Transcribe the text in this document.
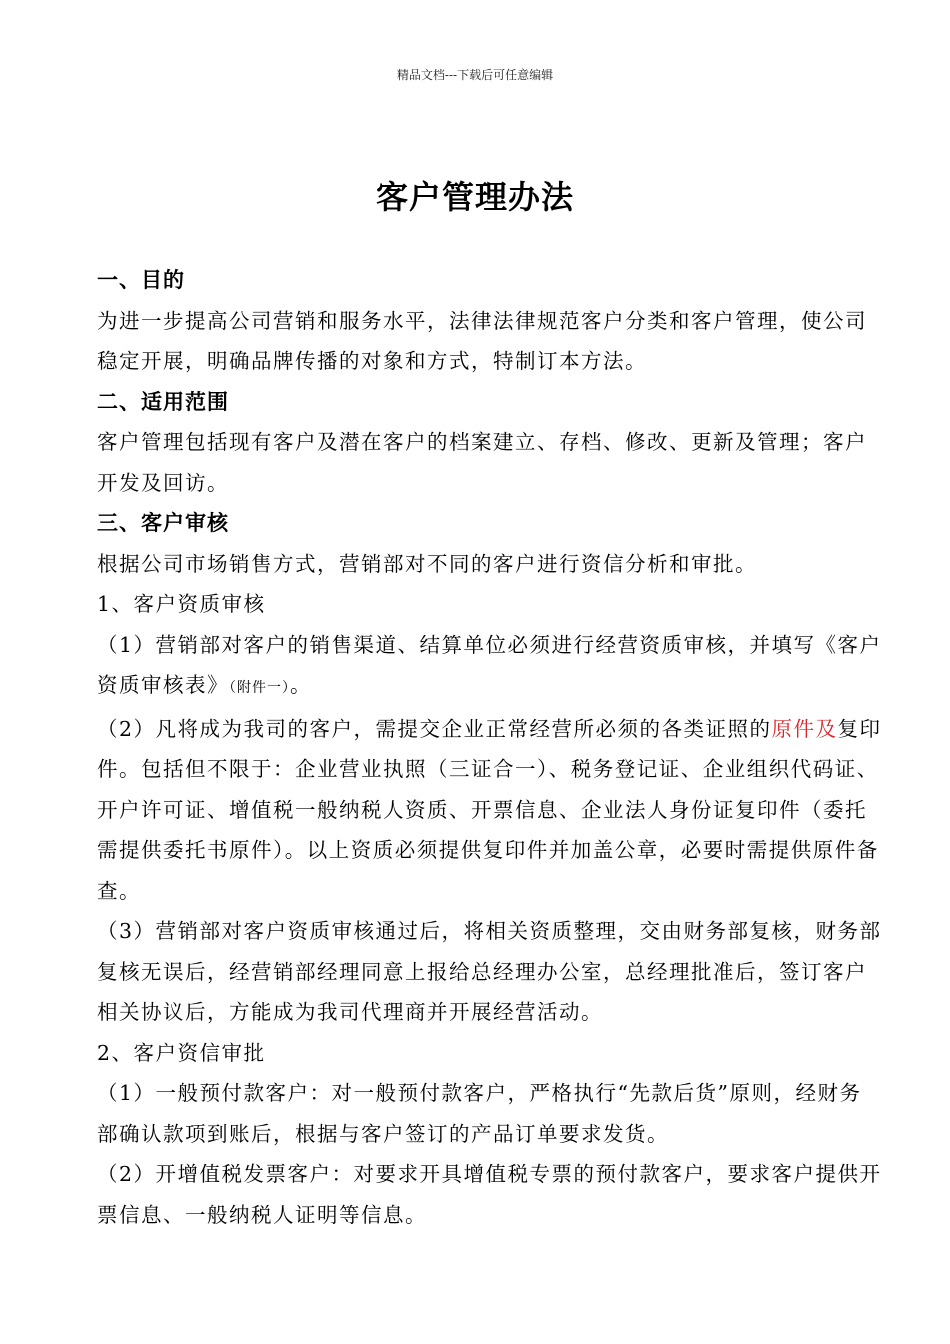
精品文档---下载后可任意编辑
客户管理办法

一、目的

为进一步提高公司营销和服务水平，法律法律规范客户分类和客户管理，使公司稳定开展，明确品牌传播的对象和方式，特制订本方法。

二、适用范围

客户管理包括现有客户及潜在客户的档案建立、存档、修改、更新及管理；客户开发及回访。

三、客户审核

根据公司市场销售方式，营销部对不同的客户进行资信分析和审批。

1、客户资质审核

（1）营销部对客户的销售渠道、结算单位必须进行经营资质审核，并填写《客户资质审核表》（附件一）。

（2）凡将成为我司的客户，需提交企业正常经营所必须的各类证照的原件及复印件。包括但不限于：企业营业执照（三证合一）、税务登记证、企业组织代码证、开户许可证、增值税一般纳税人资质、开票信息、企业法人身份证复印件（委托需提供委托书原件）。以上资质必须提供复印件并加盖公章，必要时需提供原件备查。

（3）营销部对客户资质审核通过后，将相关资质整理，交由财务部复核，财务部复核无误后，经营销部经理同意上报给总经理办公室，总经理批准后，签订客户相关协议后，方能成为我司代理商并开展经营活动。

2、客户资信审批

（1）一般预付款客户：对一般预付款客户，严格执行“先款后货”原则，经财务部确认款项到账后，根据与客户签订的产品订单要求发货。

（2）开增值税发票客户：对要求开具增值税专票的预付款客户，要求客户提供开票信息、一般纳税人证明等信息。
